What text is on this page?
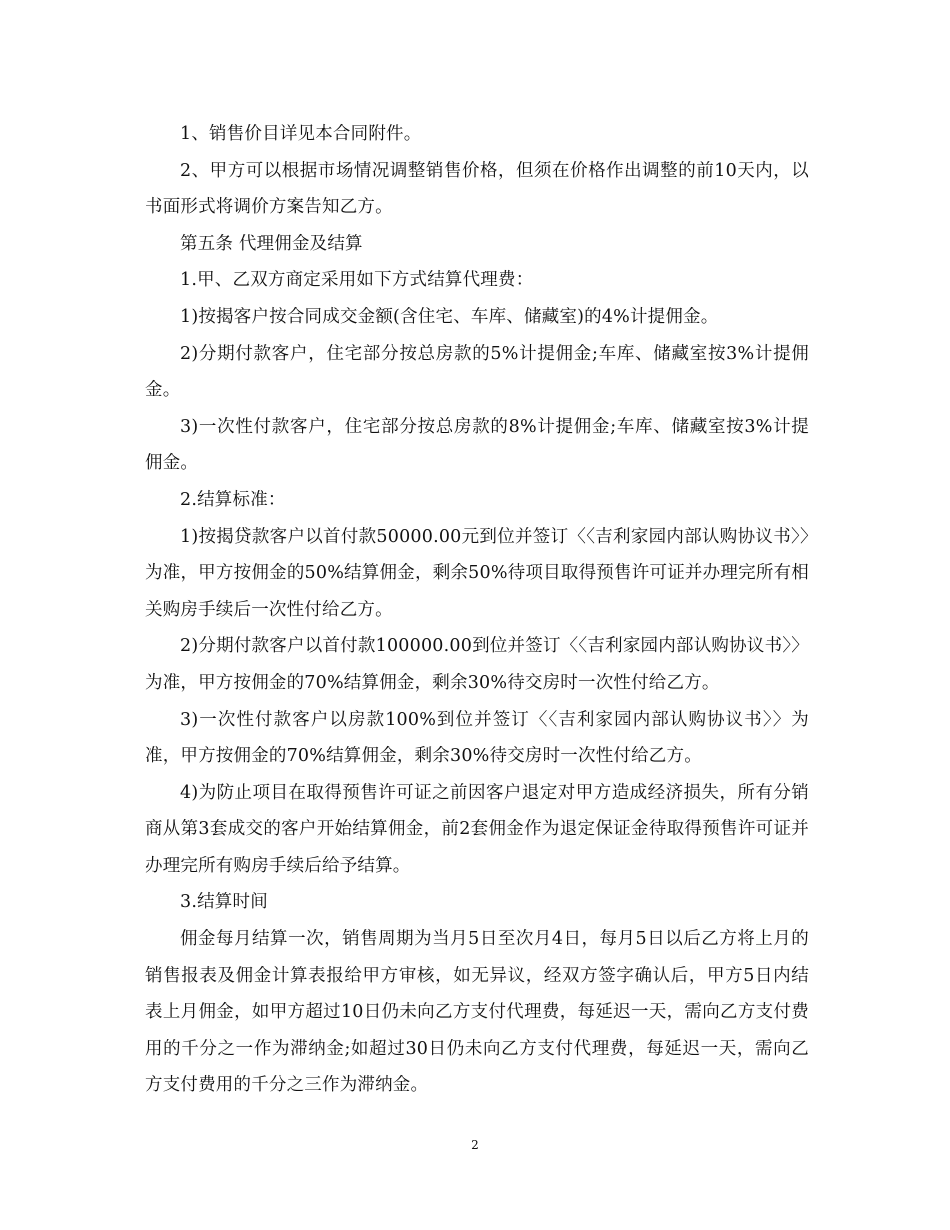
1、销售价目详见本合同附件。

2、甲方可以根据市场情况调整销售价格，但须在价格作出调整的前10天内，以书面形式将调价方案告知乙方。

第五条 代理佣金及结算

1.甲、乙双方商定采用如下方式结算代理费：

1)按揭客户按合同成交金额(含住宅、车库、储藏室)的4%计提佣金。

2)分期付款客户，住宅部分按总房款的5%计提佣金;车库、储藏室按3%计提佣金。

3)一次性付款客户，住宅部分按总房款的8%计提佣金;车库、储藏室按3%计提佣金。

2.结算标准：

1)按揭贷款客户以首付款50000.00元到位并签订〈〈吉利家园内部认购协议书〉〉为准，甲方按佣金的50%结算佣金，剩余50%待项目取得预售许可证并办理完所有相关购房手续后一次性付给乙方。

2)分期付款客户以首付款100000.00到位并签订〈〈吉利家园内部认购协议书〉〉为准，甲方按佣金的70%结算佣金，剩余30%待交房时一次性付给乙方。

3)一次性付款客户以房款100%到位并签订〈〈吉利家园内部认购协议书〉〉为准，甲方按佣金的70%结算佣金，剩余30%待交房时一次性付给乙方。

4)为防止项目在取得预售许可证之前因客户退定对甲方造成经济损失，所有分销商从第3套成交的客户开始结算佣金，前2套佣金作为退定保证金待取得预售许可证并办理完所有购房手续后给予结算。

3.结算时间

佣金每月结算一次，销售周期为当月5日至次月4日，每月5日以后乙方将上月的销售报表及佣金计算表报给甲方审核，如无异议，经双方签字确认后，甲方5日内结表上月佣金，如甲方超过10日仍未向乙方支付代理费，每延迟一天，需向乙方支付费用的千分之一作为滞纳金;如超过30日仍未向乙方支付代理费，每延迟一天，需向乙方支付费用的千分之三作为滞纳金。

2
